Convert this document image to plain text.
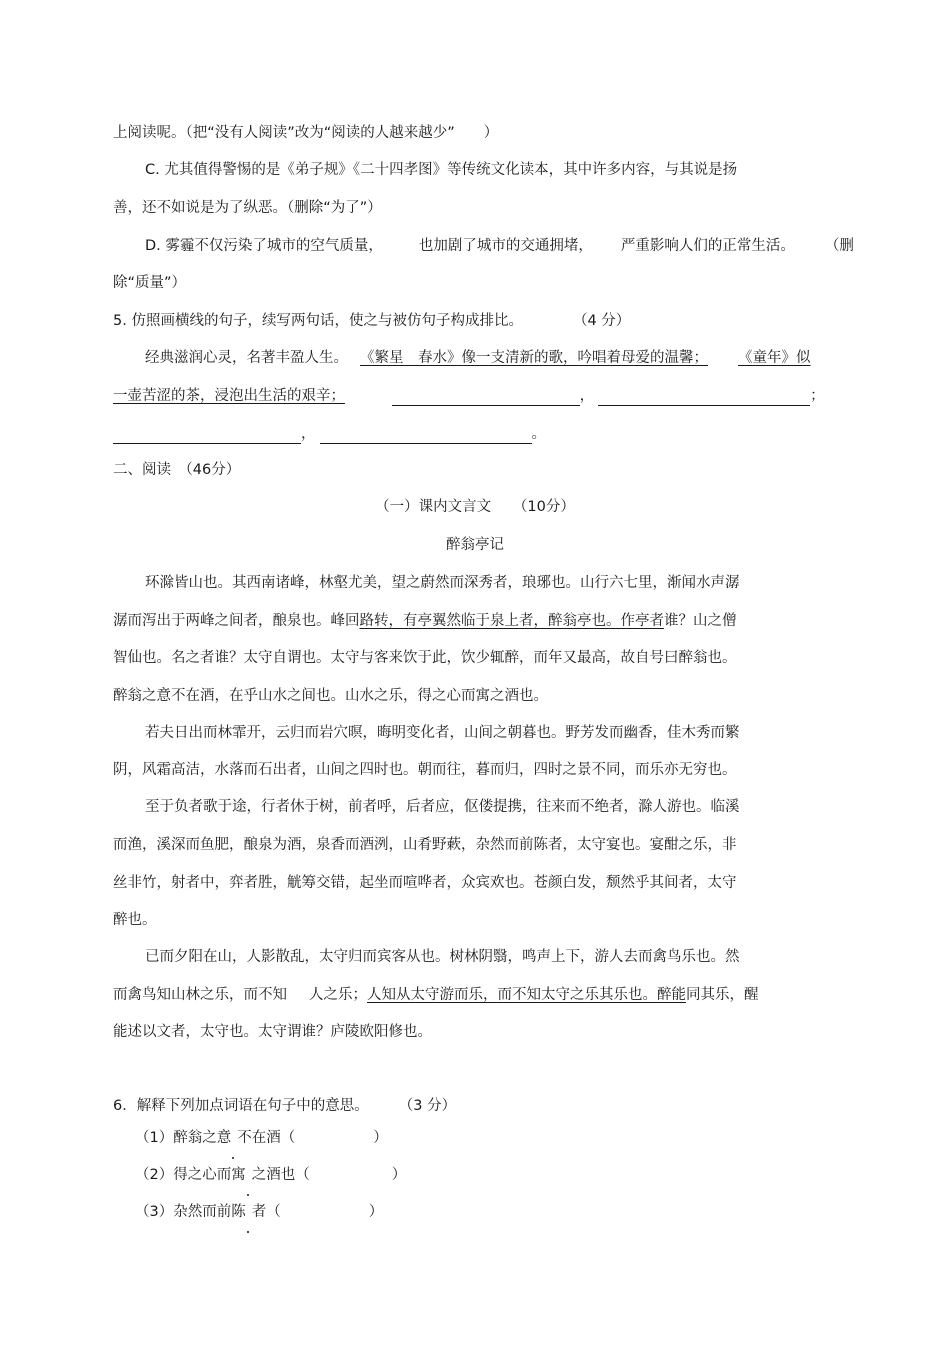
上阅读呢。（把“没有人阅读”改为“阅读的人越来越少”　　）
C. 尤其值得警惕的是《弟子规》《二十四孝图》等传统文化读本，其中许多内容，与其说是扬
善，还不如说是为了纵恶。（删除“为了”）
D. 雾霾不仅污染了城市的空气质量， 也加剧了城市的交通拥堵， 严重影响人们的正常生活。 （删
除“质量”）
5. 仿照画横线的句子，续写两句话，使之与被仿句子构成排比。	（4 分）
经典滋润心灵，名著丰盈人生。 《繁星　春水》像一支清新的歌，吟唱着母爱的温馨； 《童年》似
一壶苦涩的茶，浸泡出生活的艰辛；	，	；
，	。
二、阅读　（46分）
（一）课内文言文　　（10分）
醉翁亭记
环滁皆山也。其西南诸峰，林壑尤美，望之蔚然而深秀者，琅琊也。山行六七里，渐闻水声潺
潺而泻出于两峰之间者，酿泉也。峰回路转，有亭翼然临于泉上者，醉翁亭也。作亭者谁？山之僧
智仙也。名之者谁？太守自谓也。太守与客来饮于此，饮少辄醉，而年又最高，故自号曰醉翁也。
醉翁之意不在酒，在乎山水之间也。山水之乐，得之心而寓之酒也。
若夫日出而林霏开，云归而岩穴暝，晦明变化者，山间之朝暮也。野芳发而幽香，佳木秀而繁
阴，风霜高洁，水落而石出者，山间之四时也。朝而往，暮而归，四时之景不同，而乐亦无穷也。
至于负者歌于途，行者休于树，前者呼，后者应，伛偻提携，往来而不绝者，滁人游也。临溪
而渔，溪深而鱼肥，酿泉为酒，泉香而酒洌，山肴野蔌，杂然而前陈者，太守宴也。宴酣之乐，非
丝非竹，射者中，弈者胜，觥筹交错，起坐而喧哗者，众宾欢也。苍颜白发，颓然乎其间者，太守
醉也。
已而夕阳在山，人影散乱，太守归而宾客从也。树林阴翳，鸣声上下，游人去而禽鸟乐也。然
而禽鸟知山林之乐，而不知 人之乐；人知从太守游而乐，而不知太守之乐其乐也。醉能同其乐，醒
能述以文者，太守也。太守谓谁？庐陵欧阳修也。
6．解释下列加点词语在句子中的意思。 （3 分）
（1）醉翁之意 不在酒（	）
（2）得之心而寓 之酒也（	）
（3）杂然而前陈 者（	）
